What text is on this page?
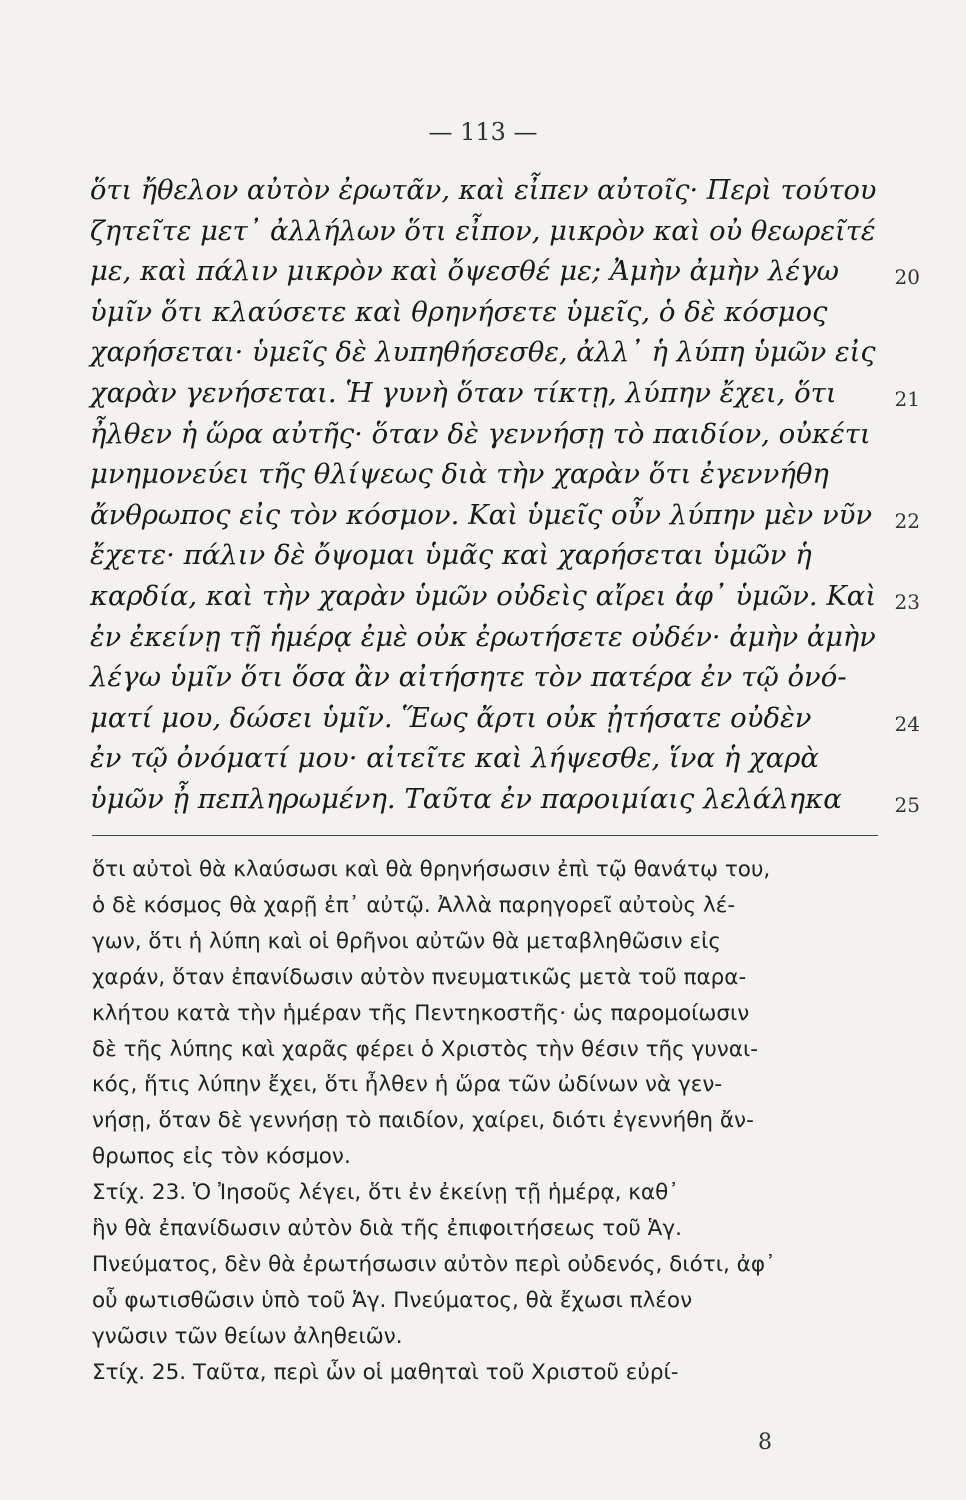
— 113 —
ὅτι ἤθελον αὐτὸν ἐρωτᾶν, καὶ εἶπεν αὐτοῖς· Περὶ τούτου
ζητεῖτε μετ᾽ ἀλλήλων ὅτι εἶπον, μικρὸν καὶ οὐ θεωρεῖτέ
με, καὶ πάλιν μικρὸν καὶ ὄψεσθέ με; Ἀμὴν ἀμὴν λέγω	20
ὑμῖν ὅτι κλαύσετε καὶ θρηνήσετε ὑμεῖς, ὁ δὲ κόσμος
χαρήσεται· ὑμεῖς δὲ λυπηθήσεσθε, ἀλλ᾽ ἡ λύπη ὑμῶν εἰς
χαρὰν γενήσεται. Ἡ γυνὴ ὅταν τίκτῃ, λύπην ἔχει, ὅτι	21
ἦλθεν ἡ ὥρα αὐτῆς· ὅταν δὲ γεννήσῃ τὸ παιδίον, οὐκέτι
μνημονεύει τῆς θλίψεως διὰ τὴν χαρὰν ὅτι ἐγεννήθη
ἄνθρωπος εἰς τὸν κόσμον. Καὶ ὑμεῖς οὖν λύπην μὲν νῦν 22
ἔχετε· πάλιν δὲ ὄψομαι ὑμᾶς καὶ χαρήσεται ὑμῶν ἡ
καρδία, καὶ τὴν χαρὰν ὑμῶν οὐδεὶς αἴρει ἀφ᾽ ὑμῶν. Καὶ 23
ἐν ἐκείνῃ τῇ ἡμέρᾳ ἐμὲ οὐκ ἐρωτήσετε οὐδέν· ἀμὴν ἀμὴν
λέγω ὑμῖν ὅτι ὅσα ἂν αἰτήσητε τὸν πατέρα ἐν τῷ ὀνό-
ματί μου, δώσει ὑμῖν. Ἕως ἄρτι οὐκ ᾐτήσατε οὐδὲν	24
ἐν τῷ ὀνόματί μου· αἰτεῖτε καὶ λήψεσθε, ἵνα ἡ χαρὰ
ὑμῶν ᾖ πεπληρωμένη. Ταῦτα ἐν παροιμίαις λελάληκα	25
ὅτι αὐτοὶ θὰ κλαύσωσι καὶ θὰ θρηνήσωσιν ἐπὶ τῷ θανάτῳ του,ὁ δὲ κόσμος θὰ χαρῇ ἐπ᾽ αὐτῷ. Ἀλλὰ παρηγορεῖ αὐτοὺς λέ-γων, ὅτι ἡ λύπη καὶ οἱ θρῆνοι αὐτῶν θὰ μεταβληθῶσιν εἰςχαράν, ὅταν ἐπανίδωσιν αὐτὸν πνευματικῶς μετὰ τοῦ παρα-κλήτου κατὰ τὴν ἡμέραν τῆς Πεντηκοστῆς· ὡς παρομοίωσινδὲ τῆς λύπης καὶ χαρᾶς φέρει ὁ Χριστὸς τὴν θέσιν τῆς γυναι-κός, ἥτις λύπην ἔχει, ὅτι ἦλθεν ἡ ὥρα τῶν ὠδίνων νὰ γεν-νήσῃ, ὅταν δὲ γεννήσῃ τὸ παιδίον, χαίρει, διότι ἐγεννήθη ἄν-θρωπος εἰς τὸν κόσμον.Στίχ. 23. Ὁ Ἰησοῦς λέγει, ὅτι ἐν ἐκείνῃ τῇ ἡμέρᾳ, καθ᾽ἣν θὰ ἐπανίδωσιν αὐτὸν διὰ τῆς ἐπιφοιτήσεως τοῦ Ἁγ.Πνεύματος, δὲν θὰ ἐρωτήσωσιν αὐτὸν περὶ οὐδενός, διότι, ἀφ᾽οὗ φωτισθῶσιν ὑπὸ τοῦ Ἁγ. Πνεύματος, θὰ ἔχωσι πλέονγνῶσιν τῶν θείων ἀληθειῶν.Στίχ. 25. Ταῦτα, περὶ ὧν οἱ μαθηταὶ τοῦ Χριστοῦ εὐρί-
8
